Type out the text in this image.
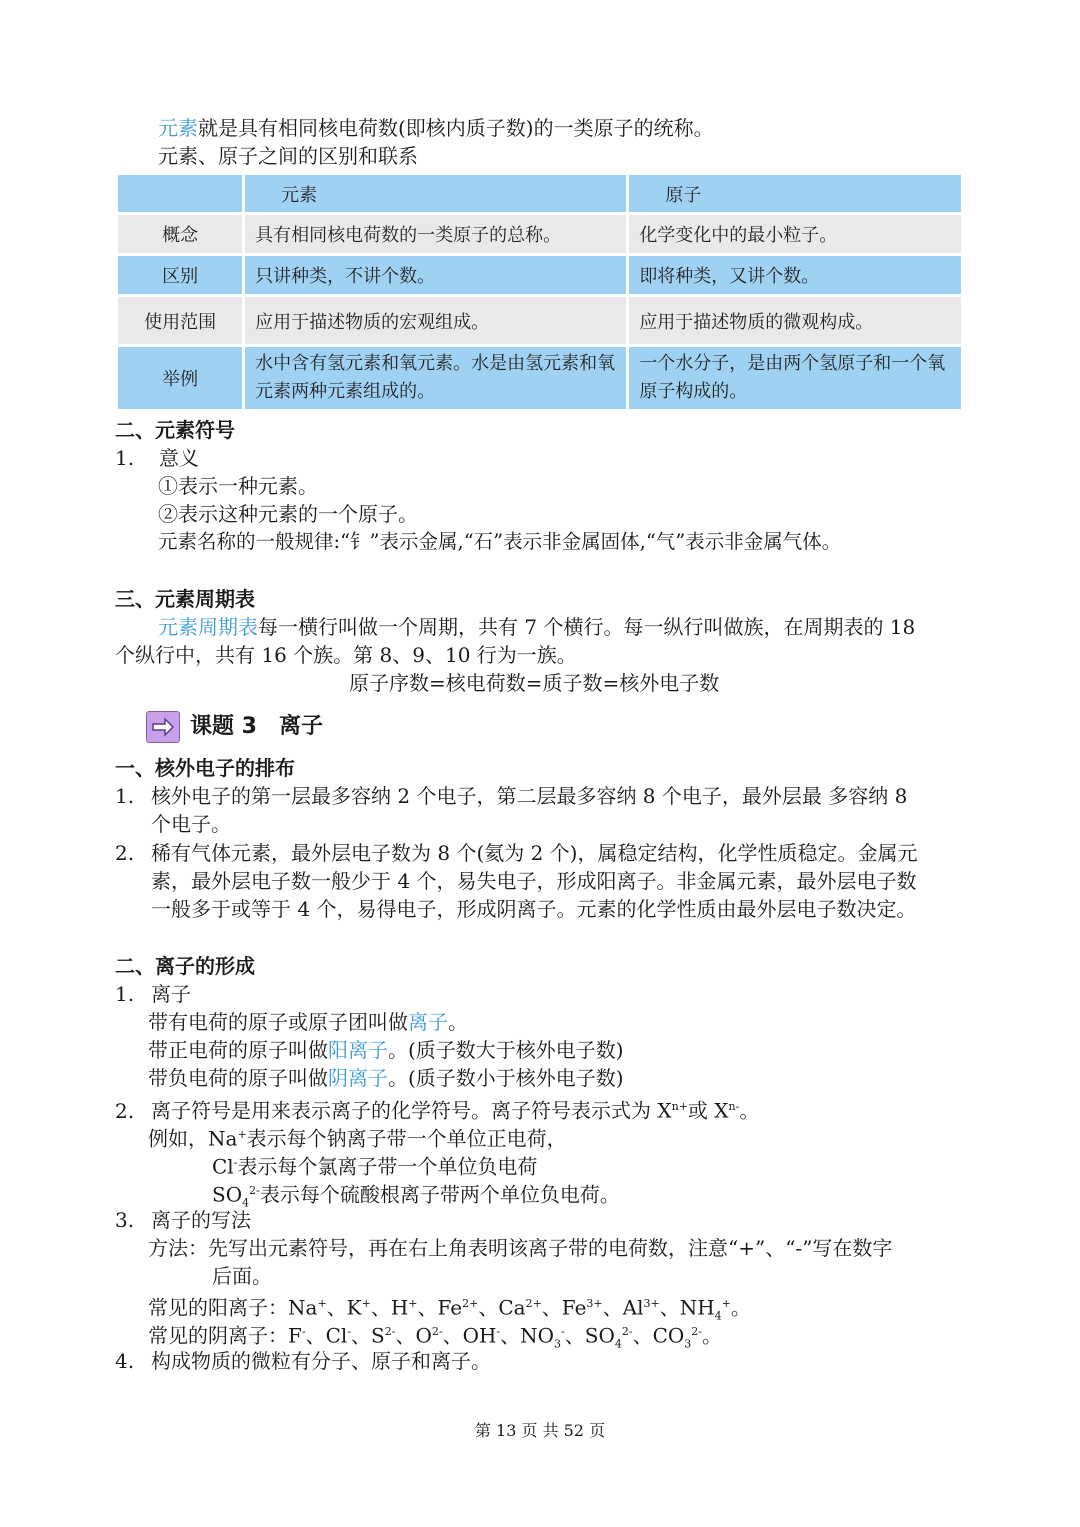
元素就是具有相同核电荷数(即核内质子数)的一类原子的统称。
元素、原子之间的区别和联系
	元素	原子
概念	具有相同核电荷数的一类原子的总称。	化学变化中的最小粒子。
区别	只讲种类，不讲个数。	即将种类，又讲个数。
使用范围	应用于描述物质的宏观组成。	应用于描述物质的微观构成。
举例	水中含有氢元素和氧元素。水是由氢元素和氧元素两种元素组成的。	一个水分子，是由两个氢原子和一个氧原子构成的。
二、元素符号
1. 意义
①表示一种元素。
②表示这种元素的一个原子。
元素名称的一般规律:“钅”表示金属,“石”表示非金属固体,“气”表示非金属气体。
三、元素周期表
元素周期表每一横行叫做一个周期，共有 7 个横行。每一纵行叫做族，在周期表的 18
个纵行中，共有 16 个族。第 8、9、10 行为一族。
原子序数=核电荷数=质子数=核外电子数
课题 3　离子
一、核外电子的排布
1. 核外电子的第一层最多容纳 2 个电子，第二层最多容纳 8 个电子，最外层最 多容纳 8
个电子。
2. 稀有气体元素，最外层电子数为 8 个(氦为 2 个)，属稳定结构，化学性质稳定。金属元
素，最外层电子数一般少于 4 个，易失电子，形成阳离子。非金属元素，最外层电子数
一般多于或等于 4 个，易得电子，形成阴离子。元素的化学性质由最外层电子数决定。
二、离子的形成
1. 离子
带有电荷的原子或原子团叫做离子。
带正电荷的原子叫做阳离子。(质子数大于核外电子数)
带负电荷的原子叫做阴离子。(质子数小于核外电子数)
2. 离子符号是用来表示离子的化学符号。离子符号表示式为 $X^{n+}$或 $X^{n-}$。
例如，Na+表示每个钠离子带一个单位正电荷，
Cl-表示每个氯离子带一个单位负电荷
$SO_4^{2-}$表示每个硫酸根离子带两个单位负电荷。
3. 离子的写法
方法：先写出元素符号，再在右上角表明该离子带的电荷数，注意“+”、“-”写在数字
后面。
常见的阳离子：Na+、K+、H+、$Fe^{2+}$、$Ca^{2+}$、$Fe^{3+}$、$Al^{3+}$、$NH_4^+$。
常见的阴离子：F-、Cl-、$S^{2-}$、$O^{2-}$、OH-、$NO_3^-$、$SO_4^{2-}$、$CO_3^{2-}$。
4. 构成物质的微粒有分子、原子和离子。
第 13 页 共 52 页
